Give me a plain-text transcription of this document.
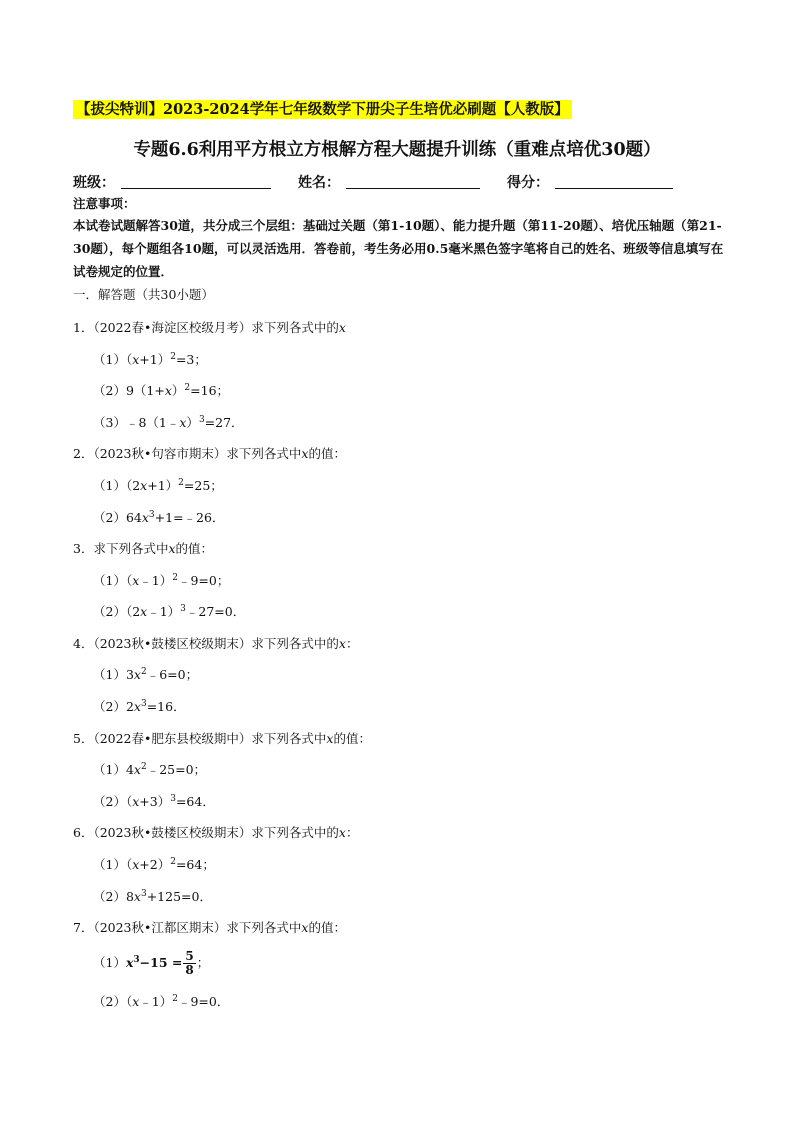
【拔尖特训】2023-2024学年七年级数学下册尖子生培优必刷题【人教版】
专题6.6利用平方根立方根解方程大题提升训练（重难点培优30题）
班级：	姓名：	得分：
注意事项：
本试卷试题解答30道，共分成三个层组：基础过关题（第1-10题）、能力提升题（第11-20题）、培优压轴题（第21-30题），每个题组各10题，可以灵活选用．答卷前，考生务必用0.5毫米黑色签字笔将自己的姓名、班级等信息填写在试卷规定的位置．
一．解答题（共30小题）
1．（2022春•海淀区校级月考）求下列各式中的x
$(1)(x+1)^2=3$；
$(2)9(1+x)^2=16$；
（3）﹣8（1﹣x）$^3$=27．
2．（2023秋•句容市期末）求下列各式中x的值：
$(1)(2x+1)^2=25$；
$(2)64x^3+1=﹣26$．
3．求下列各式中x的值：
（1）（x﹣1）$^2$﹣9=0；
（2）（2x﹣1）$^3$﹣27=0．
4．（2023秋•鼓楼区校级期末）求下列各式中的x：
$(1)3x^2﹣6=0$；
$(2)2x^3=16$．
5．（2022春•肥东县校级期中）求下列各式中x的值：
$(1)4x^2﹣25=0$；
$(2)(x+3)^3=64$．
6．（2023秋•鼓楼区校级期末）求下列各式中的x：
$(1)(x+2)^2=64$；
$(2)8x^3+125=0$．
7．（2023秋•江都区期末）求下列各式中x的值：
$(1)x^3-15 = \frac{5}{8}$ ；
（2）（x﹣1）$^2$﹣9=0．
